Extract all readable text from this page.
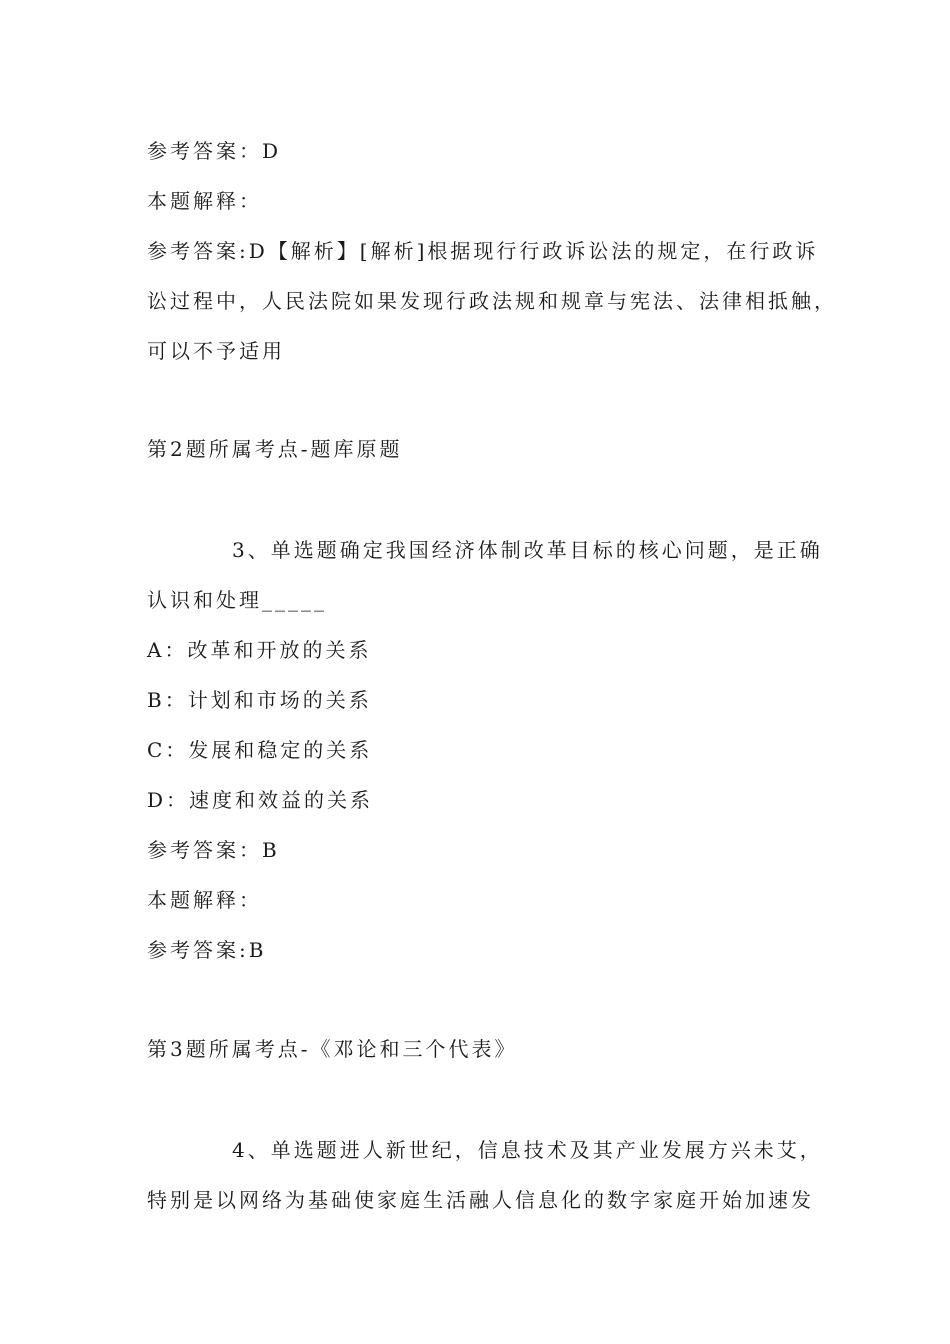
参考答案：D
本题解释：
参考答案:D【解析】[解析]根据现行行政诉讼法的规定，在行政诉
讼过程中，人民法院如果发现行政法规和规章与宪法、法律相抵触，
可以不予适用
第2题所属考点-题库原题
3、单选题确定我国经济体制改革目标的核心问题，是正确
认识和处理_____
A：改革和开放的关系
B：计划和市场的关系
C：发展和稳定的关系
D：速度和效益的关系
参考答案：B
本题解释：
参考答案:B
第3题所属考点-《邓论和三个代表》
4、单选题进人新世纪，信息技术及其产业发展方兴未艾，
特别是以网络为基础使家庭生活融人信息化的数字家庭开始加速发
